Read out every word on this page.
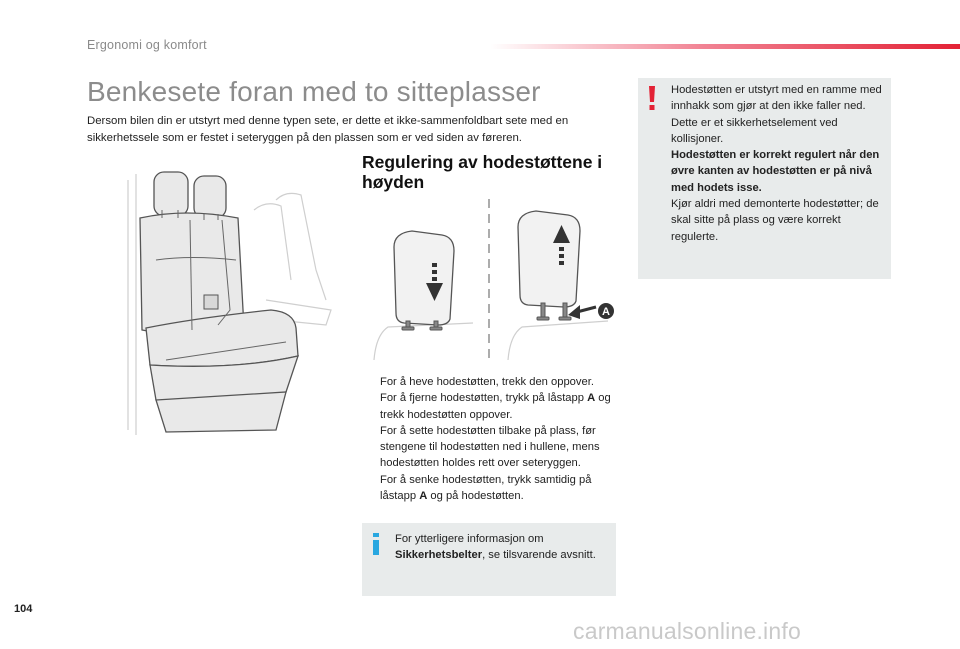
Ergonomi og komfort
Benkesete foran med to sitteplasser
Dersom bilen din er utstyrt med denne typen sete, er dette et ikke-sammenfoldbart sete med en sikkerhetssele som er festet i seteryggen på den plassen som er ved siden av føreren.
Regulering av hodestøttene i høyden
A
For å heve hodestøtten, trekk den oppover.
For å fjerne hodestøtten, trykk på låstapp A og trekk hodestøtten oppover.
For å sette hodestøtten tilbake på plass, før stengene til hodestøtten ned i hullene, mens hodestøtten holdes rett over seteryggen.
For å senke hodestøtten, trykk samtidig på låstapp A og på hodestøtten.
For ytterligere informasjon om Sikkerhetsbelter, se tilsvarende avsnitt.
Hodestøtten er utstyrt med en ramme med innhakk som gjør at den ikke faller ned. Dette er et sikkerhetselement ved kollisjoner.
Hodestøtten er korrekt regulert når den øvre kanten av hodestøtten er på nivå med hodets isse.
Kjør aldri med demonterte hodestøtter; de skal sitte på plass og være korrekt regulerte.
104
carmanualsonline.info
